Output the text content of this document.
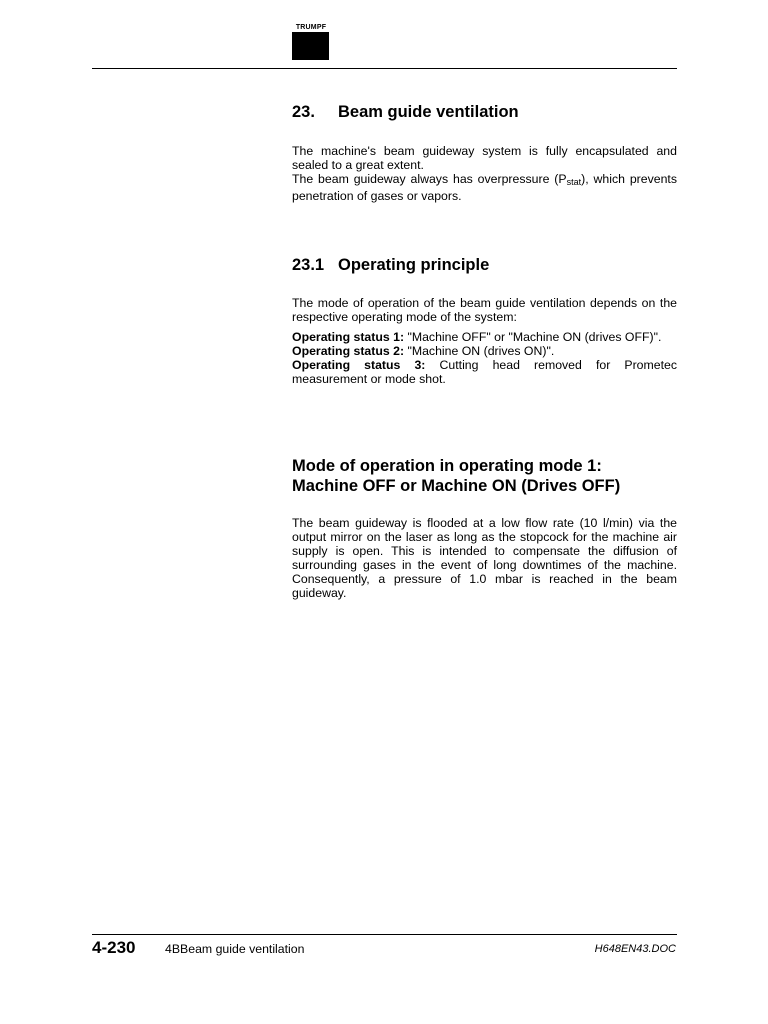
TRUMPF
23. Beam guide ventilation

The machine's beam guideway system is fully encapsulated and sealed to a great extent.

The beam guideway always has overpressure $(P_{stat})$, which prevents penetration of gases or vapors.

23.1 Operating principle

The mode of operation of the beam guide ventilation depends on the respective operating mode of the system:

Operating status 1: "Machine OFF" or "Machine ON (drives OFF)".
Operating status 2: "Machine ON (drives ON)".
Operating status 3: Cutting head removed for Prometec measurement or mode shot.
Mode of operation in operating mode 1:
Machine OFF or Machine ON (Drives OFF)

The beam guideway is flooded at a low flow rate (10 l/min) via the output mirror on the laser as long as the stopcock for the machine air supply is open. This is intended to compensate the diffusion of surrounding gases in the event of long downtimes of the machine. Consequently, a pressure of 1.0 mbar is reached in the beam guideway.

4-230 4BBeam guide ventilation	H648EN43.DOC
